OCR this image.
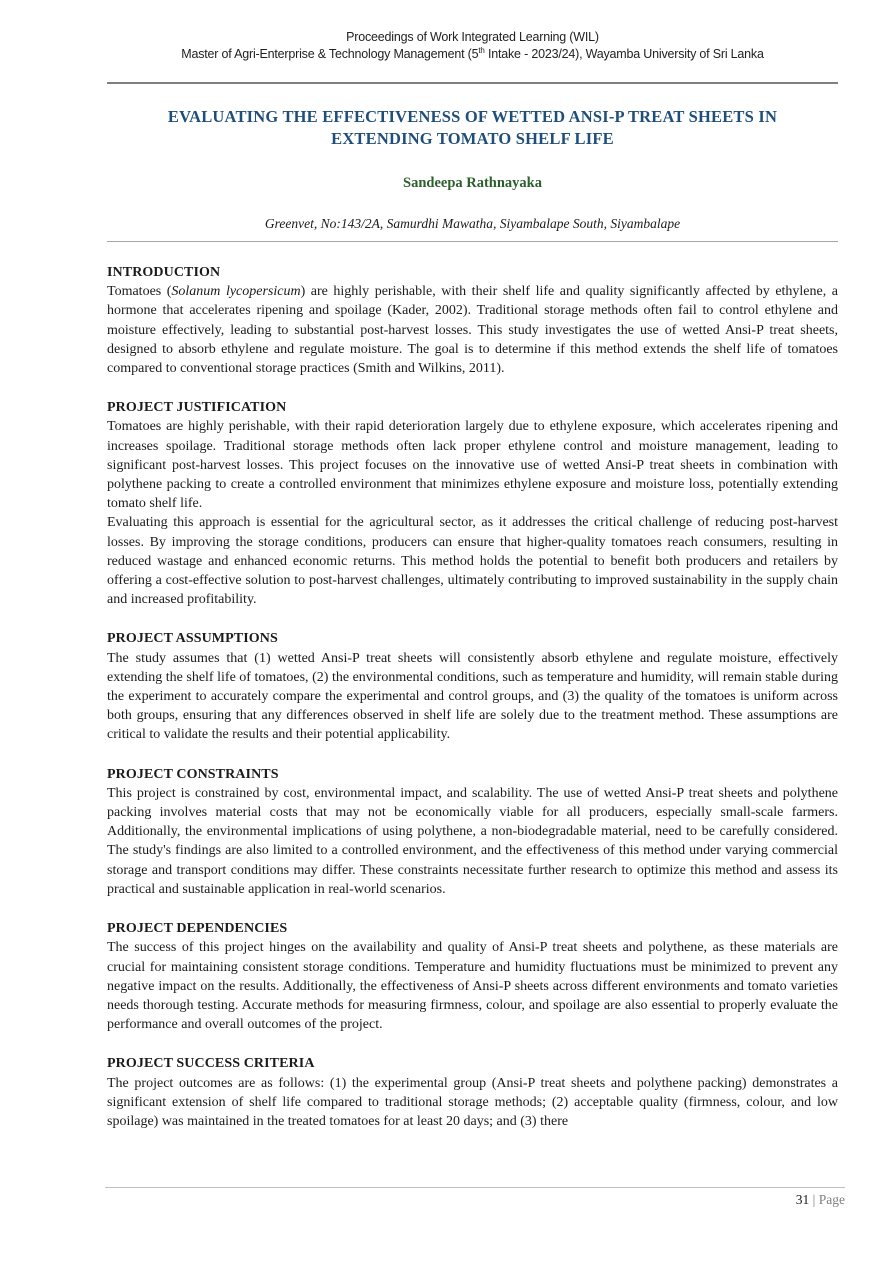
Proceedings of Work Integrated Learning (WIL)
Master of Agri-Enterprise & Technology Management (5th Intake - 2023/24), Wayamba University of Sri Lanka
EVALUATING THE EFFECTIVENESS OF WETTED ANSI-P TREAT SHEETS IN EXTENDING TOMATO SHELF LIFE
Sandeepa Rathnayaka
Greenvet, No:143/2A, Samurdhi Mawatha, Siyambalape South, Siyambalape
INTRODUCTION

Tomatoes (Solanum lycopersicum) are highly perishable, with their shelf life and quality significantly affected by ethylene, a hormone that accelerates ripening and spoilage (Kader, 2002). Traditional storage methods often fail to control ethylene and moisture effectively, leading to substantial post-harvest losses. This study investigates the use of wetted Ansi-P treat sheets, designed to absorb ethylene and regulate moisture. The goal is to determine if this method extends the shelf life of tomatoes compared to conventional storage practices (Smith and Wilkins, 2011).

PROJECT JUSTIFICATION

Tomatoes are highly perishable, with their rapid deterioration largely due to ethylene exposure, which accelerates ripening and increases spoilage. Traditional storage methods often lack proper ethylene control and moisture management, leading to significant post-harvest losses. This project focuses on the innovative use of wetted Ansi-P treat sheets in combination with polythene packing to create a controlled environment that minimizes ethylene exposure and moisture loss, potentially extending tomato shelf life.

Evaluating this approach is essential for the agricultural sector, as it addresses the critical challenge of reducing post-harvest losses. By improving the storage conditions, producers can ensure that higher-quality tomatoes reach consumers, resulting in reduced wastage and enhanced economic returns. This method holds the potential to benefit both producers and retailers by offering a cost-effective solution to post-harvest challenges, ultimately contributing to improved sustainability in the supply chain and increased profitability.

PROJECT ASSUMPTIONS

The study assumes that (1) wetted Ansi-P treat sheets will consistently absorb ethylene and regulate moisture, effectively extending the shelf life of tomatoes, (2) the environmental conditions, such as temperature and humidity, will remain stable during the experiment to accurately compare the experimental and control groups, and (3) the quality of the tomatoes is uniform across both groups, ensuring that any differences observed in shelf life are solely due to the treatment method. These assumptions are critical to validate the results and their potential applicability.

PROJECT CONSTRAINTS

This project is constrained by cost, environmental impact, and scalability. The use of wetted Ansi-P treat sheets and polythene packing involves material costs that may not be economically viable for all producers, especially small-scale farmers. Additionally, the environmental implications of using polythene, a non-biodegradable material, need to be carefully considered. The study's findings are also limited to a controlled environment, and the effectiveness of this method under varying commercial storage and transport conditions may differ. These constraints necessitate further research to optimize this method and assess its practical and sustainable application in real-world scenarios.

PROJECT DEPENDENCIES

The success of this project hinges on the availability and quality of Ansi-P treat sheets and polythene, as these materials are crucial for maintaining consistent storage conditions. Temperature and humidity fluctuations must be minimized to prevent any negative impact on the results. Additionally, the effectiveness of Ansi-P sheets across different environments and tomato varieties needs thorough testing. Accurate methods for measuring firmness, colour, and spoilage are also essential to properly evaluate the performance and overall outcomes of the project.

PROJECT SUCCESS CRITERIA

The project outcomes are as follows: (1) the experimental group (Ansi-P treat sheets and polythene packing) demonstrates a significant extension of shelf life compared to traditional storage methods; (2) acceptable quality (firmness, colour, and low spoilage) was maintained in the treated tomatoes for at least 20 days; and (3) there

31 | Page
